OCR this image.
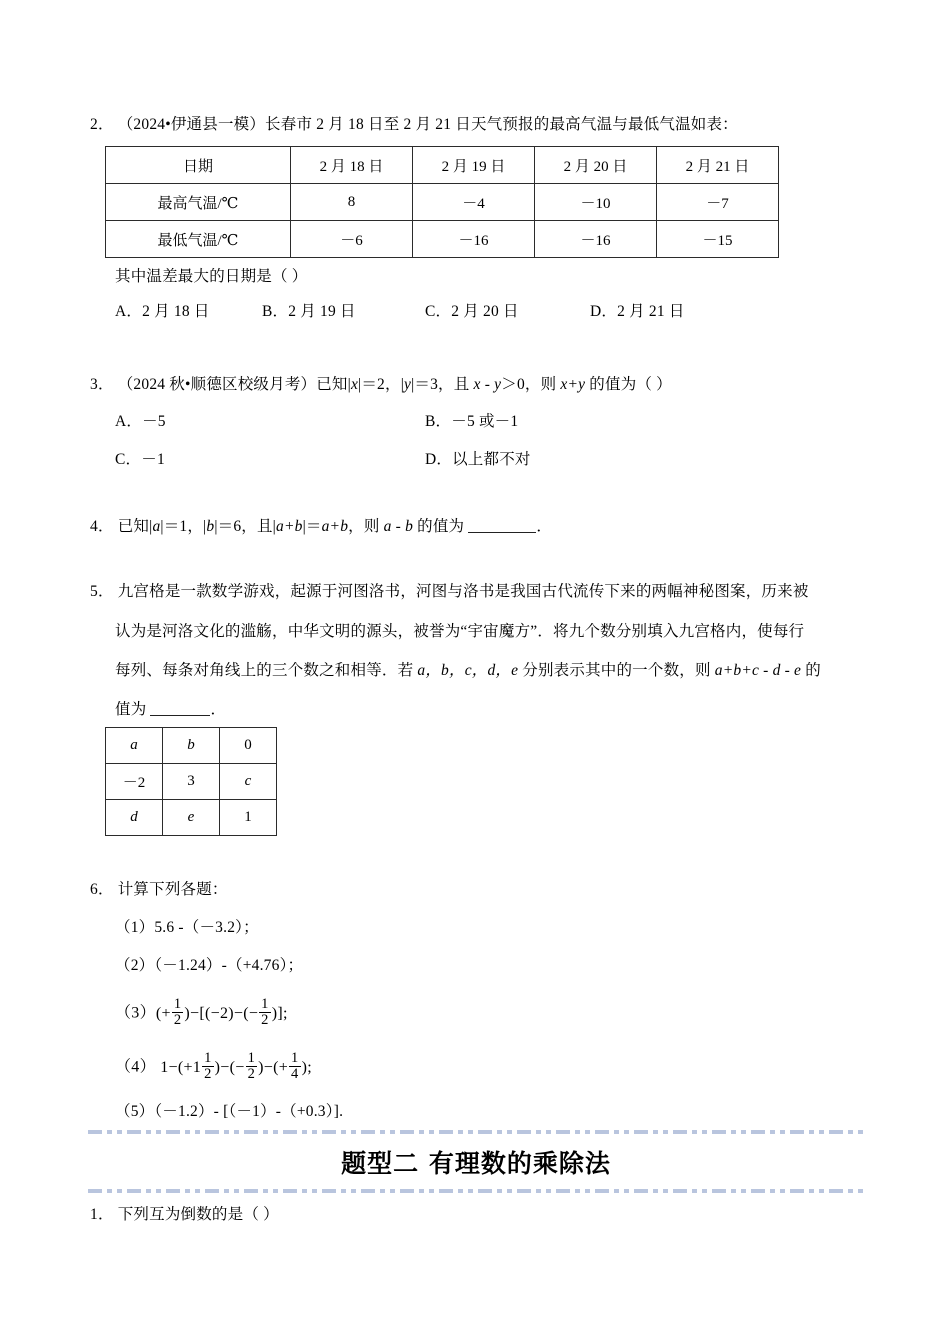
2． （2024•伊通县一模）长春市 2 月 18 日至 2 月 21 日天气预报的最高气温与最低气温如表：
日期	2 月 18 日	2 月 19 日	2 月 20 日	2 月 21 日
最高气温/℃	8	－4	－10	－7
最低气温/℃	－6	－16	－16	－15
其中温差最大的日期是（ ）
A．2 月 18 日	B．2 月 19 日	C．2 月 20 日	D．2 月 21 日
3． （2024 秋•顺德区校级月考）已知|x|＝2，|y|＝3，且 x - y＞0，则 x+y 的值为（ ）
A．－5	B．－5 或－1
C．－1	D．以上都不对
4． 已知|a|＝1，|b|＝6，且|a+b|＝a+b，则 a - b 的值为	．
5． 九宫格是一款数学游戏，起源于河图洛书，河图与洛书是我国古代流传下来的两幅神秘图案，历来被
认为是河洛文化的滥觞，中华文明的源头，被誉为“宇宙魔方”．将九个数分别填入九宫格内，使每行
每列、每条对角线上的三个数之和相等．若 a，b，c，d，e 分别表示其中的一个数，则 a+b+c - d - e 的
值为	．
a	b	0
－2	3	c
d	e	1
6． 计算下列各题：
（1）5.6 -（－3.2）；
（2）（－1.24）-（+4.76）；
$(3)(+ \frac{1}{2} )-[(-2)-(- \frac{1}{2}$ )];
（4） $1-(+1 \frac{1}{2}$ )−(− $\frac{1}{2}$ )−(+ $\frac{1}{4}$ );
（5）（－1.2）- [（－1）-（+0.3）].
题型二 有理数的乘除法
1． 下列互为倒数的是（ ）
